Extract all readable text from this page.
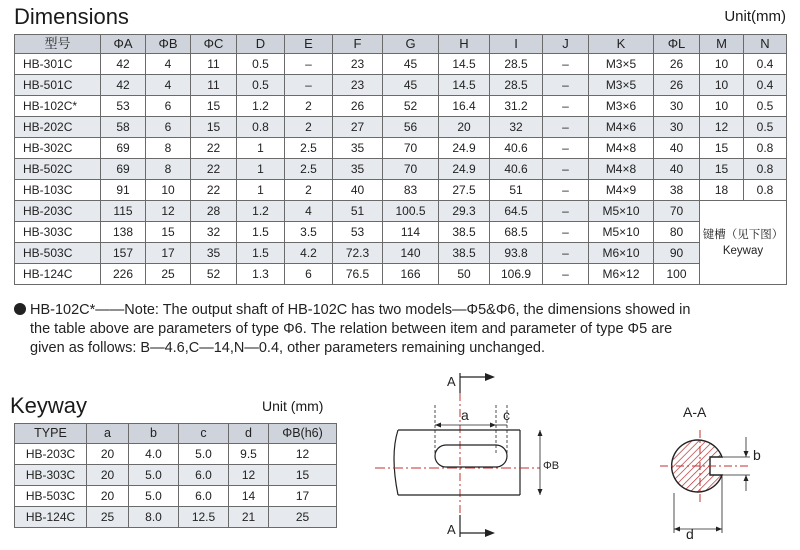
Dimensions	Unit(mm)
型号	ΦA	ΦB	ΦC	D	E	F	G	H	I	J	K	ΦL	M	N
HB-301C	42	4	11	0.5	–	23	45	14.5	28.5	–	M3×5	26	10	0.4
HB-501C	42	4	11	0.5	–	23	45	14.5	28.5	–	M3×5	26	10	0.4
HB-102C*	53	6	15	1.2	2	26	52	16.4	31.2	–	M3×6	30	10	0.5
HB-202C	58	6	15	0.8	2	27	56	20	32	–	M4×6	30	12	0.5
HB-302C	69	8	22	1	2.5	35	70	24.9	40.6	–	M4×8	40	15	0.8
HB-502C	69	8	22	1	2.5	35	70	24.9	40.6	–	M4×8	40	15	0.8
HB-103C	91	10	22	1	2	40	83	27.5	51	–	M4×9	38	18	0.8
HB-203C	115	12	28	1.2	4	51	100.5	29.3	64.5	–	M5×10	70	键槽（见下图）
Keyway	

HB-303C	138	15	32	1.5	3.5	53	114	38.5	68.5	–	M5×10	80		
HB-503C	157	17	35	1.5	4.2	72.3	140	38.5	93.8	–	M6×10	90		
HB-124C	226	25	52	1.3	6	76.5	166	50	106.9	–	M6×12	100		
HB-102C*——Note: The output shaft of HB-102C has two models—Φ5&Φ6, the dimensions showed in
the table above are parameters of type Φ6. The relation between item and parameter of type Φ5 are
given as follows: B—4.6,C—14,N—0.4, other parameters remaining unchanged.
Keyway	Unit (mm)
TYPE	a	b	c	d	ΦB(h6)
HB-203C	20	4.0	5.0	9.5	12
HB-303C	20	5.0	6.0	12	15
HB-503C	20	5.0	6.0	14	17
HB-124C	25	8.0	12.5	21	25
A
A
a c
ΦB
A-A
b
d
